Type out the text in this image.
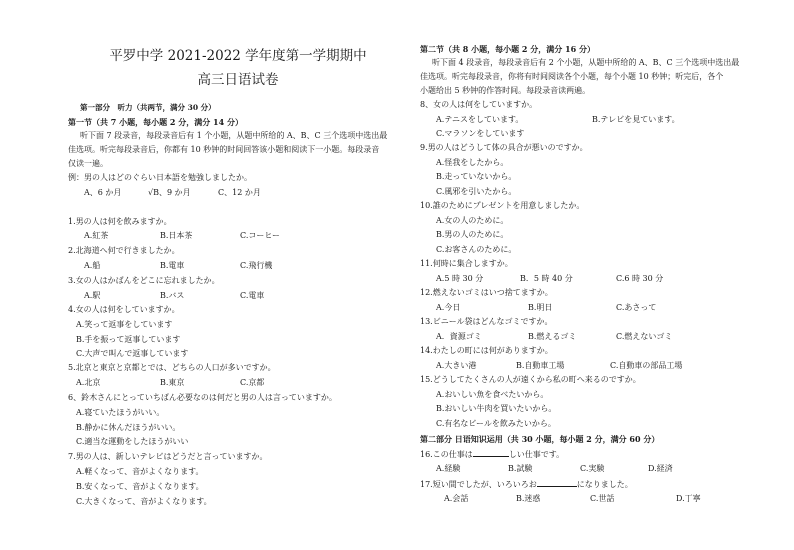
平罗中学 2021-2022 学年度第一学期期中
高三日语试卷
第一部分　听力（共两节，满分 30 分）
第一节（共 7 小题，每小题 2 分，满分 14 分）
听下面 7 段录音，每段录音后有 1 个小题，从题中所给的 A、B、C 三个选项中选出最
佳选项。听完每段录音后，你都有 10 秒钟的时间回答该小题和阅读下一小题。每段录音
仅读一遍。
例：男の人はどのぐらい日本語を勉強しましたか。
A、6 か月	√B、9 か月	C、12 か月
1.男の人は何を飲みますか。
A.紅茶	B.日本茶	C.コーヒー
2.北海道へ何で行きましたか。
A.船	B.電車	C.飛行機
3.女の人はかばんをどこに忘れましたか。
A.駅	B.バス	C.電車
4.女の人は何をしていますか。
A.笑って返事をしています
B.手を振って返事しています
C.大声で叫んで返事しています
5.北京と東京と京都とでは、どちらの人口が多いですか。
A.北京	B.東京	C.京都
6、鈴木さんにとっていちばん必要なのは何だと男の人は言っていますか。
A.寝ていたほうがいい。
B.静かに休んだほうがいい。
C.適当な運動をしたほうがいい
7.男の人は、新しいテレビはどうだと言っていますか。
A.軽くなって、音がよくなります。
B.安くなって、音がよくなります。
C.大きくなって、音がよくなります。
第二节（共 8 小题，每小题 2 分，满分 16 分）
听下面 4 段录音，每段录音后有 2 个小题，从题中所给的 A、B、C 三个选项中选出最
佳选项。听完每段录音，你将有时间阅读各个小题，每个小题 10 秒钟；听完后，各个
小题给出 5 秒钟的作答时间。每段录音读两遍。
8、女の人は何をしていますか。
A.テニスをしています。	B.テレビを見ています。
C.マラソンをしています
9.男の人はどうして体の具合が悪いのですか。
A.怪我をしたから。
B.走っていないから。
C.風邪を引いたから。
10.誰のためにプレゼントを用意しましたか。
A.女の人のために。
B.男の人のために。
C.お客さんのために。
11.何時に集合しますか。
A.5 時 30 分	B．5 時 40 分	C.6 時 30 分
12.燃えないゴミはいつ捨てますか。
A.今日	B.明日	C.あさって
13.ビニール袋はどんなゴミですか。
A．資源ゴミ	B.燃えるゴミ	C.燃えないゴミ
14.わたしの町には何がありますか。
A.大きい港	B.自動車工場	C.自動車の部品工場
15.どうしてたくさんの人が遠くから私の町へ来るのですか。
A.おいしい魚を食べたいから。
B.おいしい牛肉を買いたいから。
C.有名なビールを飲みたいから。
第二部分 日语知识运用（共 30 小题，每小题 2 分，满分 60 分）
16.この仕事は	しい仕事です。
A.経験	B.試験	C.実験	D.経済
17.短い間でしたが、いろいろお	になりました。
A.会話	B.迷惑	C.世話	D.丁寧
